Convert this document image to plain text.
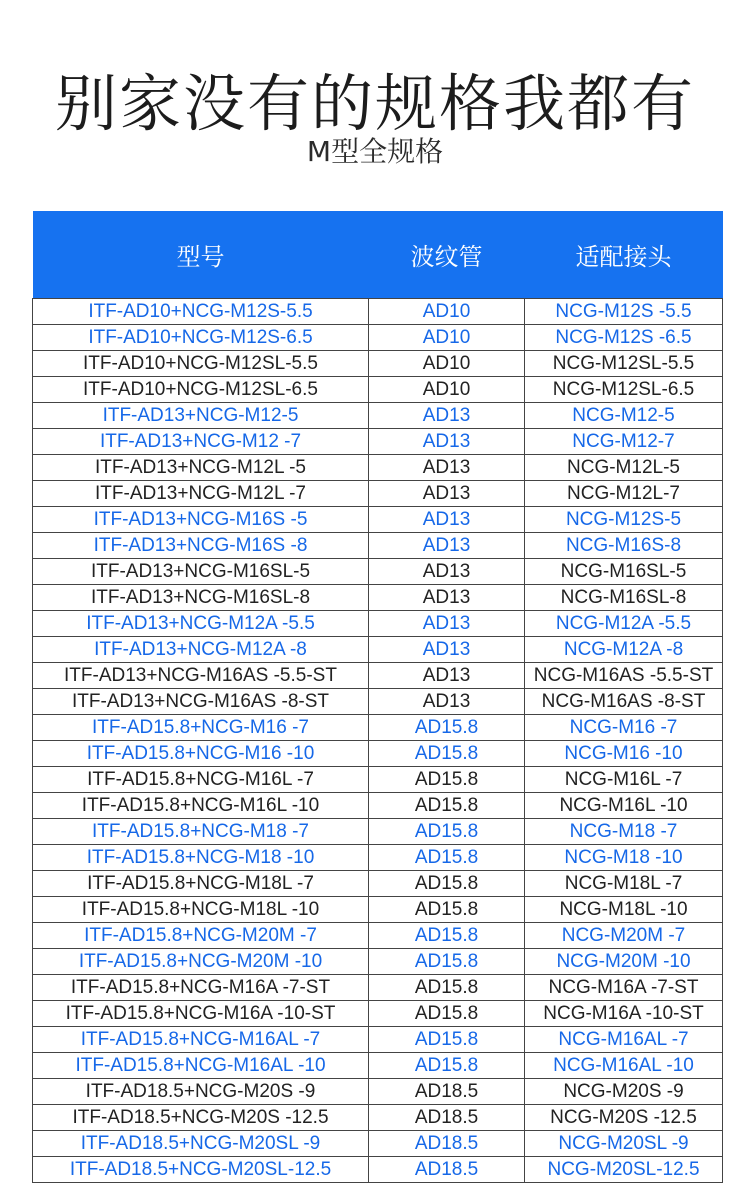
别家没有的规格我都有
M型全规格
型号	波纹管	适配接头
ITF-AD10+NCG-M12S-5.5	AD10	NCG-M12S -5.5
ITF-AD10+NCG-M12S-6.5	AD10	NCG-M12S -6.5
ITF-AD10+NCG-M12SL-5.5	AD10	NCG-M12SL-5.5
ITF-AD10+NCG-M12SL-6.5	AD10	NCG-M12SL-6.5
ITF-AD13+NCG-M12-5	AD13	NCG-M12-5
ITF-AD13+NCG-M12 -7	AD13	NCG-M12-7
ITF-AD13+NCG-M12L -5	AD13	NCG-M12L-5
ITF-AD13+NCG-M12L -7	AD13	NCG-M12L-7
ITF-AD13+NCG-M16S -5	AD13	NCG-M12S-5
ITF-AD13+NCG-M16S -8	AD13	NCG-M16S-8
ITF-AD13+NCG-M16SL-5	AD13	NCG-M16SL-5
ITF-AD13+NCG-M16SL-8	AD13	NCG-M16SL-8
ITF-AD13+NCG-M12A -5.5	AD13	NCG-M12A -5.5
ITF-AD13+NCG-M12A -8	AD13	NCG-M12A -8
ITF-AD13+NCG-M16AS -5.5-ST	AD13	NCG-M16AS -5.5-ST
ITF-AD13+NCG-M16AS -8-ST	AD13	NCG-M16AS -8-ST
ITF-AD15.8+NCG-M16 -7	AD15.8	NCG-M16 -7
ITF-AD15.8+NCG-M16 -10	AD15.8	NCG-M16 -10
ITF-AD15.8+NCG-M16L -7	AD15.8	NCG-M16L -7
ITF-AD15.8+NCG-M16L -10	AD15.8	NCG-M16L -10
ITF-AD15.8+NCG-M18 -7	AD15.8	NCG-M18 -7
ITF-AD15.8+NCG-M18 -10	AD15.8	NCG-M18 -10
ITF-AD15.8+NCG-M18L -7	AD15.8	NCG-M18L -7
ITF-AD15.8+NCG-M18L -10	AD15.8	NCG-M18L -10
ITF-AD15.8+NCG-M20M -7	AD15.8	NCG-M20M -7
ITF-AD15.8+NCG-M20M -10	AD15.8	NCG-M20M -10
ITF-AD15.8+NCG-M16A -7-ST	AD15.8	NCG-M16A -7-ST
ITF-AD15.8+NCG-M16A -10-ST	AD15.8	NCG-M16A -10-ST
ITF-AD15.8+NCG-M16AL -7	AD15.8	NCG-M16AL -7
ITF-AD15.8+NCG-M16AL -10	AD15.8	NCG-M16AL -10
ITF-AD18.5+NCG-M20S -9	AD18.5	NCG-M20S -9
ITF-AD18.5+NCG-M20S -12.5	AD18.5	NCG-M20S -12.5
ITF-AD18.5+NCG-M20SL -9	AD18.5	NCG-M20SL -9
ITF-AD18.5+NCG-M20SL-12.5	AD18.5	NCG-M20SL-12.5
